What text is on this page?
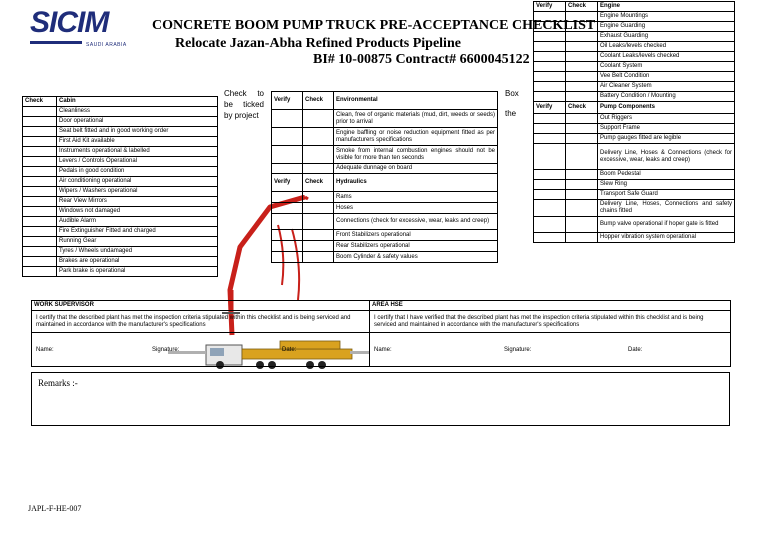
SICIM
SAUDI ARABIA
CONCRETE BOOM PUMP TRUCK PRE-ACCEPTANCE CHECKLIST
Relocate Jazan-Abha Refined Products Pipeline
BI# 10-00875 Contract# 6600045122
Check to be ticked by project
Box
the
Check	Cabin
	Cleanliness
	Door operational
	Seat belt fitted and in good working order
	First Aid Kit available
	Instruments operational & labelled
	Levers / Controls Operational
	Pedals in good condition
	Air conditioning operational
	Wipers / Washers operational
	Rear View Mirrors
	Windows not damaged
	Audible Alarm
	Fire Extinguisher Fitted and charged
	Running Gear
	Tyres / Wheels undamaged
	Brakes are operational
	Park brake is operational
Verify	Check	Environmental
		Clean, free of organic materials (mud, dirt, weeds or seeds) prior to arrival
		Engine baffling or noise reduction equipment fitted as per manufacturers specifications
		Smoke from internal combustion engines should not be visible for more than ten seconds
		Adequate dunnage on board
Verify	Check	Hydraulics
		Rams
		Hoses
		Connections (check for excessive, wear, leaks and creep)
		Front Stabilizers operational
		Rear Stabilizers operational
		Boom Cylinder & safety values
Verify	Check	Engine
		Engine Mountings
		Engine Guarding
		Exhaust Guarding
		Oil Leaks/levels checked
		Coolant Leaks/levels checked
		Coolant System
		Vee Belt Condition
		Air Cleaner System
		Battery Condition / Mounting
Verify	Check	Pump Components
		Out Riggers
		Support Frame
		Pump gauges fitted are legible
		Delivery Line, Hoses & Connections (check for excessive, wear, leaks and creep)
		Boom Pedestal
		Slew Ring
		Transport Safe Guard
		Delivery Line, Hoses, Connections and safety chains fitted
		Bump valve operational if hoper gate is fitted
		Hopper vibration system operational
WORK SUPERVISOR	AREA HSE
I certify that the described plant has met the inspection criteria stipulated within this checklist and is being serviced and maintained in accordance with the manufacturer's specifications	I certify that I have verified that the described plant has met the inspection criteria stipulated within this checklist and is being serviced and maintained in accordance with the manufacturer's specifications

Name: Signature: Date:	Name: Signature: Date:
Remarks :-
JAPL-F-HE-007
